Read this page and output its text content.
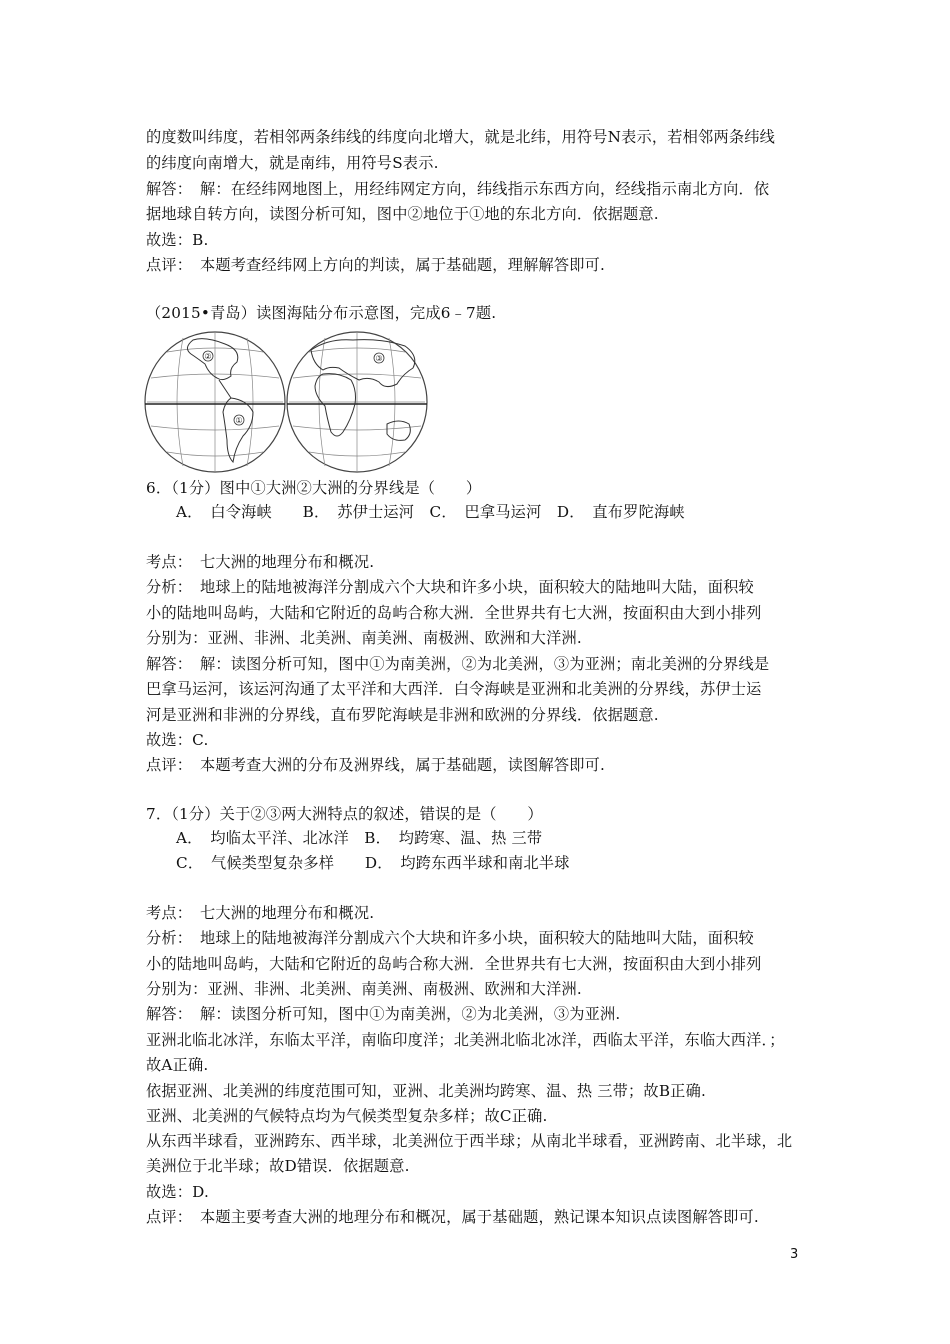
的度数叫纬度，若相邻两条纬线的纬度向北增大，就是北纬，用符号N表示，若相邻两条纬线
的纬度向南增大，就是南纬，用符号S表示.
解答：　解：在经纬网地图上，用经纬网定方向，纬线指示东西方向，经线指示南北方向．依
据地球自转方向，读图分析可知，图中②地位于①地的东北方向．依据题意.
故选：B.
点评：　本题考查经纬网上方向的判读，属于基础题，理解解答即可.
（2015•青岛）读图海陆分布示意图，完成6﹣7题.
②
①
③
6．（1分）图中①大洲②大洲的分界线是（　　）
A．　白令海峡　　B．　苏伊士运河　C．　巴拿马运河　D．　直布罗陀海峡
考点：　七大洲的地理分布和概况.
分析：　地球上的陆地被海洋分割成六个大块和许多小块，面积较大的陆地叫大陆，面积较
小的陆地叫岛屿，大陆和它附近的岛屿合称大洲．全世界共有七大洲，按面积由大到小排列
分别为：亚洲、非洲、北美洲、南美洲、南极洲、欧洲和大洋洲.
解答：　解：读图分析可知，图中①为南美洲，②为北美洲，③为亚洲；南北美洲的分界线是
巴拿马运河，该运河沟通了太平洋和大西洋．白令海峡是亚洲和北美洲的分界线，苏伊士运
河是亚洲和非洲的分界线，直布罗陀海峡是非洲和欧洲的分界线．依据题意.
故选：C.
点评：　本题考查大洲的分布及洲界线，属于基础题，读图解答即可.
7．（1分）关于②③两大洲特点的叙述，错误的是（　　）
A．　均临太平洋、北冰洋　B．　均跨寒、温、热 三带
C．　气候类型复杂多样　　D．　均跨东西半球和南北半球
考点：　七大洲的地理分布和概况.
分析：　地球上的陆地被海洋分割成六个大块和许多小块，面积较大的陆地叫大陆，面积较
小的陆地叫岛屿，大陆和它附近的岛屿合称大洲．全世界共有七大洲，按面积由大到小排列
分别为：亚洲、非洲、北美洲、南美洲、南极洲、欧洲和大洋洲.
解答：　解：读图分析可知，图中①为南美洲，②为北美洲，③为亚洲.
亚洲北临北冰洋，东临太平洋，南临印度洋；北美洲北临北冰洋，西临太平洋，东临大西洋．；
故A正确.
依据亚洲、北美洲的纬度范围可知，亚洲、北美洲均跨寒、温、热 三带；故B正确.
亚洲、北美洲的气候特点均为气候类型复杂多样；故C正确.
从东西半球看，亚洲跨东、西半球，北美洲位于西半球；从南北半球看，亚洲跨南、北半球，北
美洲位于北半球；故D错误．依据题意.
故选：D.
点评：　本题主要考查大洲的地理分布和概况，属于基础题，熟记课本知识点读图解答即可.
3
